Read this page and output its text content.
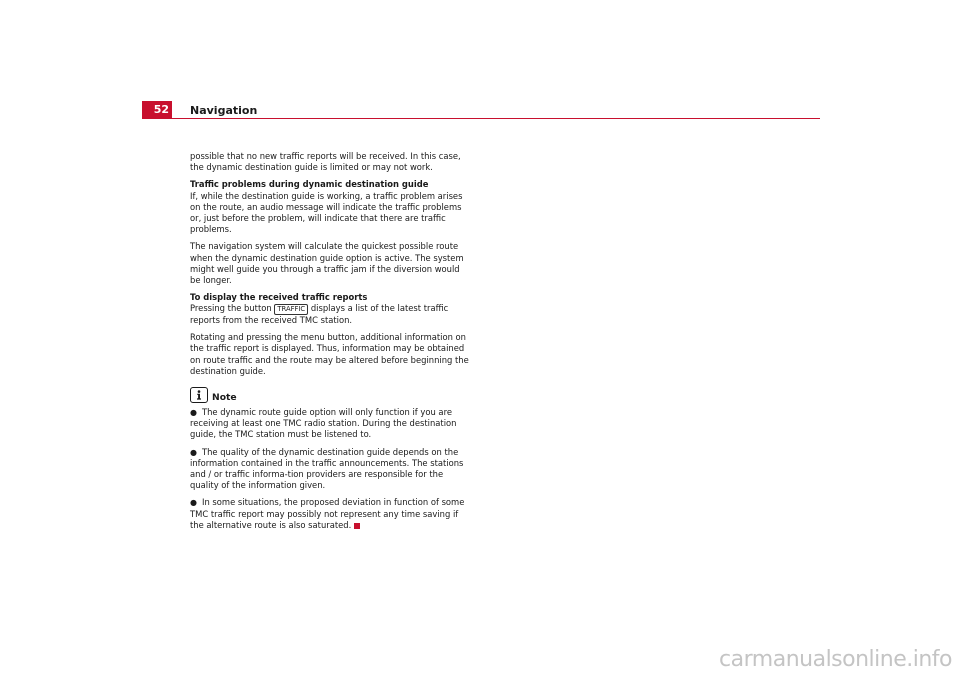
52 Navigation

possible that no new traffic reports will be received. In this case, the dynamic destination guide is limited or may not work.

Traffic problems during dynamic destination guide

If, while the destination guide is working, a traffic problem arises on the route, an audio message will indicate the traffic problems or, just before the problem, will indicate that there are traffic problems.

The navigation system will calculate the quickest possible route when the dynamic destination guide option is active. The system might well guide you through a traffic jam if the diversion would be longer.

To display the received traffic reports

Pressing the button TRAFFIC displays a list of the latest traffic reports from the received TMC station.

Rotating and pressing the menu button, additional information on the traffic report is displayed. Thus, information may be obtained on route traffic and the route may be altered before beginning the destination guide.

Note

● The dynamic route guide option will only function if you are receiving at least one TMC radio station. During the destination guide, the TMC station must be listened to.

● The quality of the dynamic destination guide depends on the information contained in the traffic announcements. The stations and / or traffic informa-tion providers are responsible for the quality of the information given.

● In some situations, the proposed deviation in function of some TMC traffic report may possibly not represent any time saving if the alternative route is also saturated.

carmanualsonline.info
